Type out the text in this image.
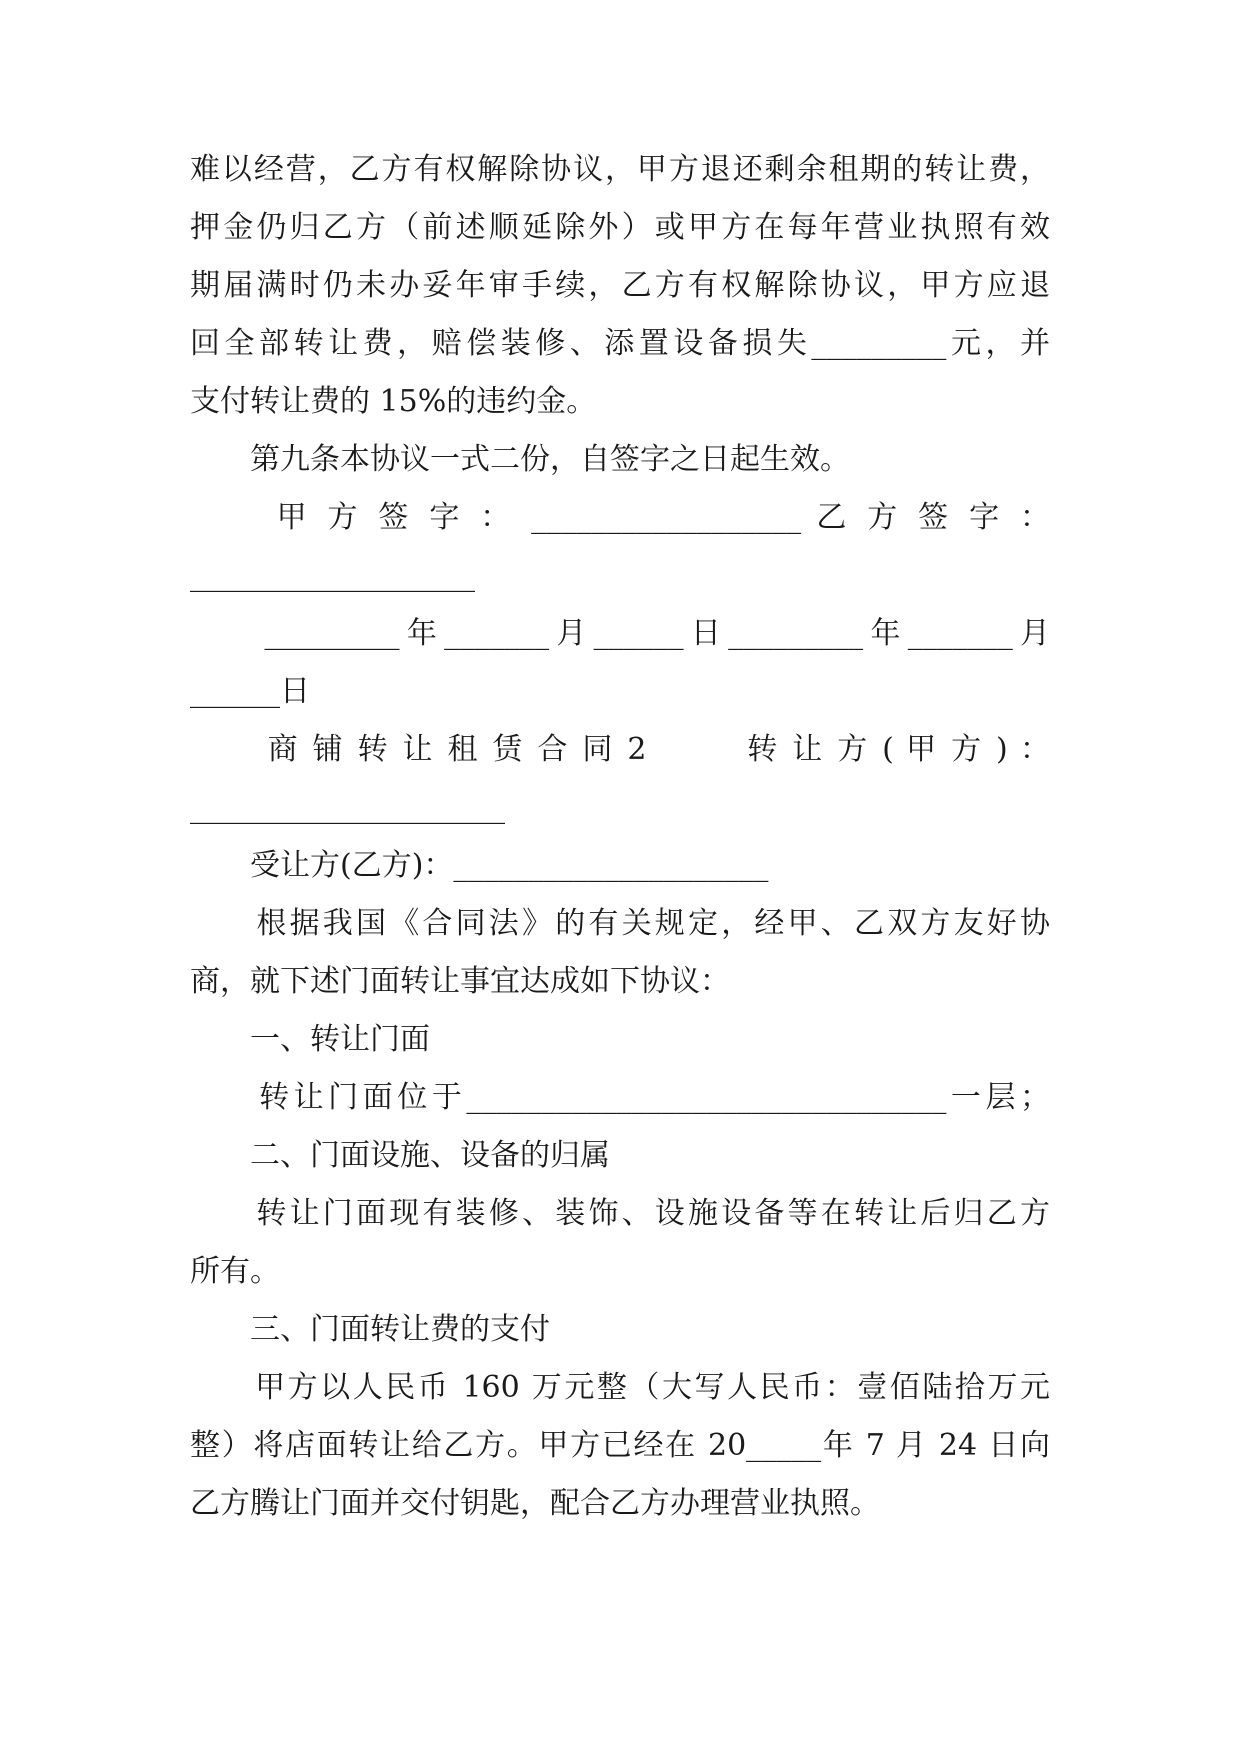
难以经营，乙方有权解除协议，甲方退还剩余租期的转让费，
押金仍归乙方（前述顺延除外）或甲方在每年营业执照有效
期届满时仍未办妥年审手续，乙方有权解除协议，甲方应退
回全部转让费，赔偿装修、添置设备损失_________元，并
支付转让费的 15%的违约金。
　　第九条本协议一式二份，自签字之日起生效。
　　 甲 方 签 字 ： __________________ 乙 方 签 字 ：
___________________
　　_________年_______月______日_________年_______月
______日
　　 商 铺 转 让 租 赁 合 同 2　　　转 让 方 ( 甲 方 ) ：
_____________________
　　受让方(乙方)：_____________________
　　根据我国《合同法》的有关规定，经甲、乙双方友好协
商，就下述门面转让事宜达成如下协议：
　　一、转让门面
　　转让门面位于________________________________一层；
　　二、门面设施、设备的归属
　　转让门面现有装修、装饰、设施设备等在转让后归乙方
所有。
　　三、门面转让费的支付
　　甲方以人民币 160 万元整（大写人民币：壹佰陆拾万元
整）将店面转让给乙方。甲方已经在 20_____年 7 月 24 日向
乙方腾让门面并交付钥匙，配合乙方办理营业执照。
